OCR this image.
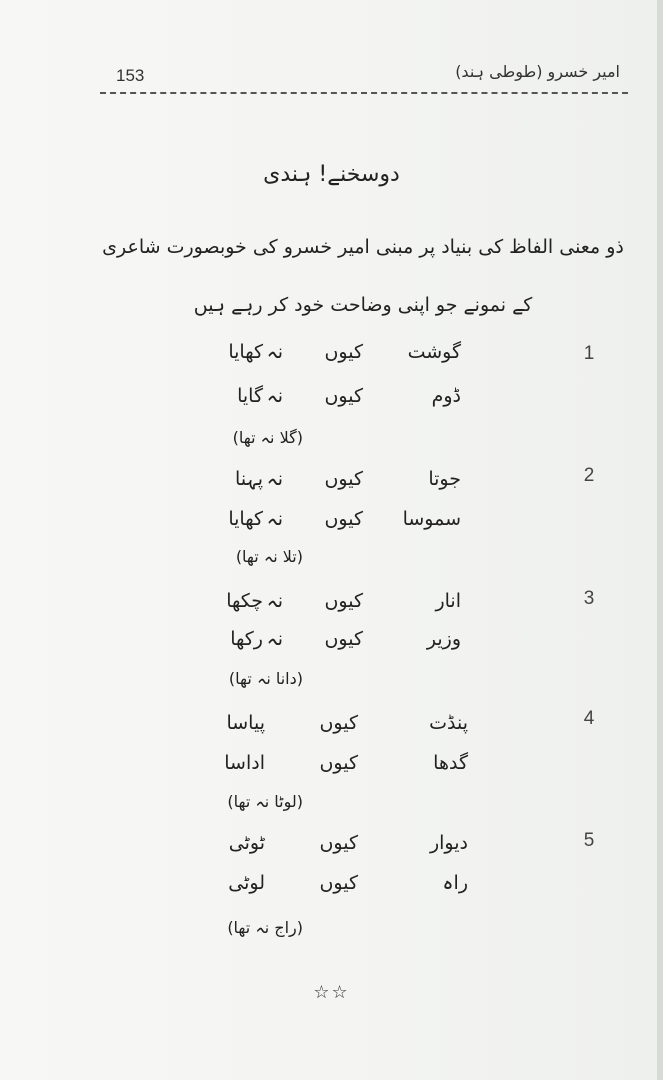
153	امیر خسرو (طوطی ہند)
دوسخنے! ہندی
ذو معنی الفاظ کی بنیاد پر مبنی امیر خسرو کی خوبصورت شاعری کے نمونے جو اپنی وضاحت خود کر رہے ہیں
1
گوشت
کیوں
نہ
کھایا
ڈوم
کیوں
نہ
گایا
(گلا نہ تھا)
2
جوتا
کیوں
نہ
پہنا
سموسا
کیوں
نہ
کھایا
(تلا نہ تھا)
3
انار
کیوں
نہ
چکھا
وزیر
کیوں
نہ
رکھا
(دانا نہ تھا)
4
پنڈت
کیوں
پیاسا
گدھا
کیوں
اداسا
(لوٹا نہ تھا)
5
دیوار
کیوں
ٹوٹی
راہ
کیوں
لوٹی
(راج نہ تھا)
☆☆
